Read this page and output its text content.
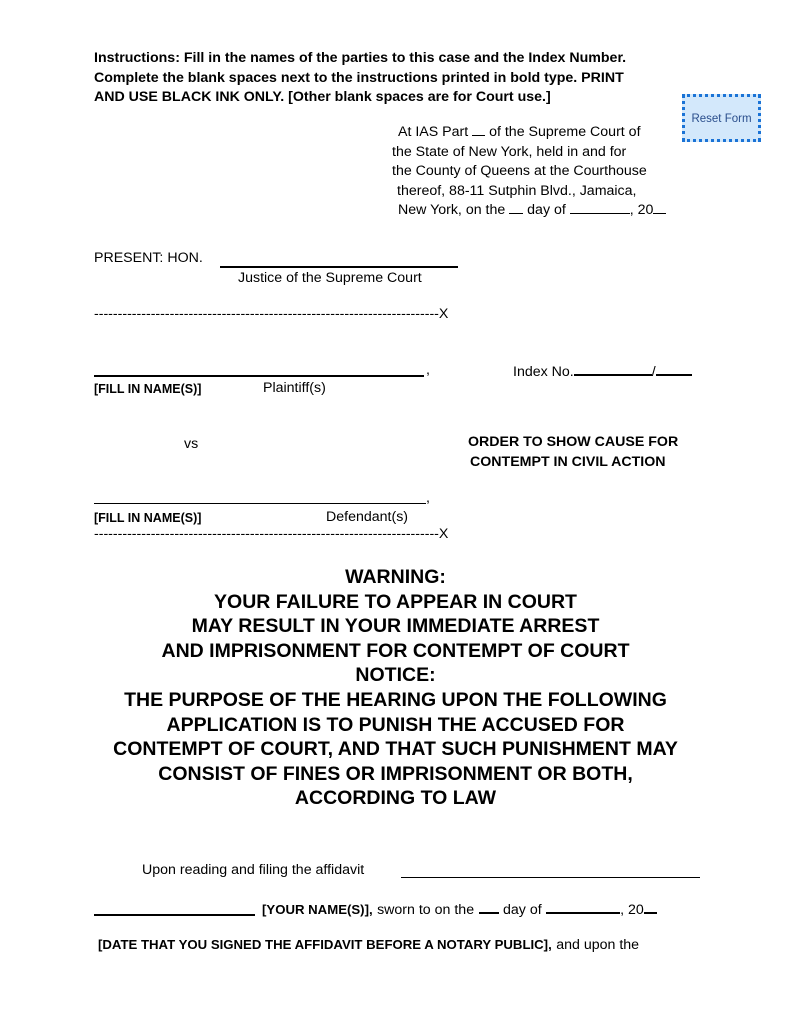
Instructions: Fill in the names of the parties to this case and the Index Number.
Complete the blank spaces next to the instructions printed in bold type. PRINT
AND USE BLACK INK ONLY. [Other blank spaces are for Court use.]
Reset Form
At IAS Part of the Supreme Court of
the State of New York, held in and for
the County of Queens at the Courthouse
thereof, 88-11 Sutphin Blvd., Jamaica,
New York, on the day of	, 20
PRESENT: HON.
Justice of the Supreme Court
-------------------------------------------------------------------------X
,
[FILL IN NAME(S)]	Plaintiff(s)
Index No.	/
vs	ORDER TO SHOW CAUSE FOR
CONTEMPT IN CIVIL ACTION
,
[FILL IN NAME(S)]	Defendant(s)
-------------------------------------------------------------------------X
WARNING:
YOUR FAILURE TO APPEAR IN COURT
MAY RESULT IN YOUR IMMEDIATE ARREST
AND IMPRISONMENT FOR CONTEMPT OF COURT
NOTICE:
THE PURPOSE OF THE HEARING UPON THE FOLLOWING
APPLICATION IS TO PUNISH THE ACCUSED FOR
CONTEMPT OF COURT, AND THAT SUCH PUNISHMENT MAY
CONSIST OF FINES OR IMPRISONMENT OR BOTH,
ACCORDING TO LAW
Upon reading and filing the affidavit
[YOUR NAME(S)], sworn to on the day of	, 20
[DATE THAT YOU SIGNED THE AFFIDAVIT BEFORE A NOTARY PUBLIC], and upon the
